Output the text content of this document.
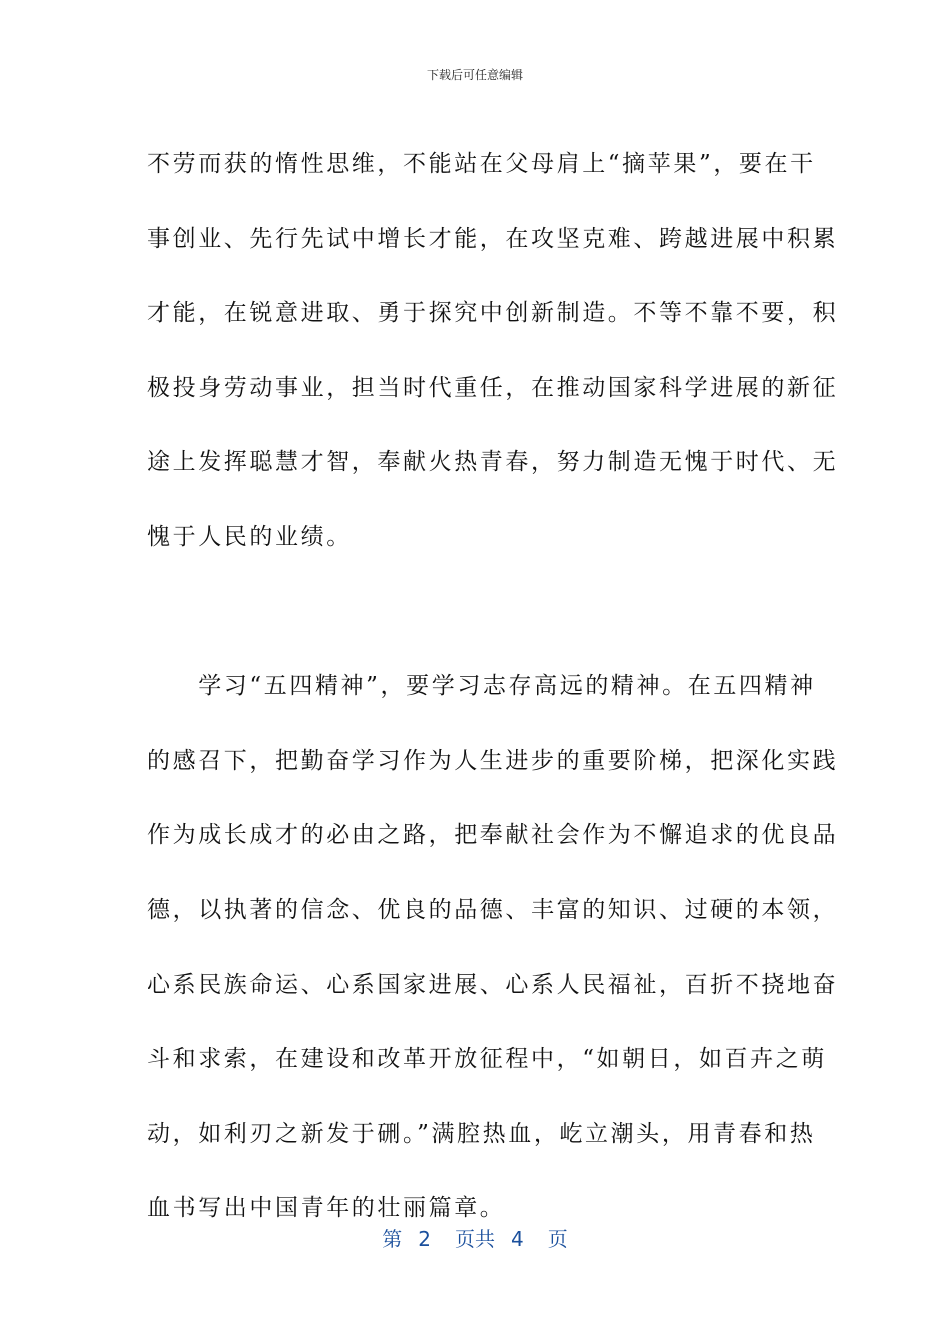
下载后可任意编辑
不劳而获的惰性思维，不能站在父母肩上“摘苹果”，要在干
事创业、先行先试中增长才能，在攻坚克难、跨越进展中积累
才能，在锐意进取、勇于探究中创新制造。不等不靠不要，积
极投身劳动事业，担当时代重任，在推动国家科学进展的新征
途上发挥聪慧才智，奉献火热青春，努力制造无愧于时代、无
愧于人民的业绩。
　　学习“五四精神”，要学习志存高远的精神。在五四精神
的感召下，把勤奋学习作为人生进步的重要阶梯，把深化实践
作为成长成才的必由之路，把奉献社会作为不懈追求的优良品
德，以执著的信念、优良的品德、丰富的知识、过硬的本领，
心系民族命运、心系国家进展、心系人民福祉，百折不挠地奋
斗和求索，在建设和改革开放征程中，“如朝日，如百卉之萌
动，如利刃之新发于硎。”满腔热血，屹立潮头，用青春和热
血书写出中国青年的壮丽篇章。
第 2 页共 4 页
